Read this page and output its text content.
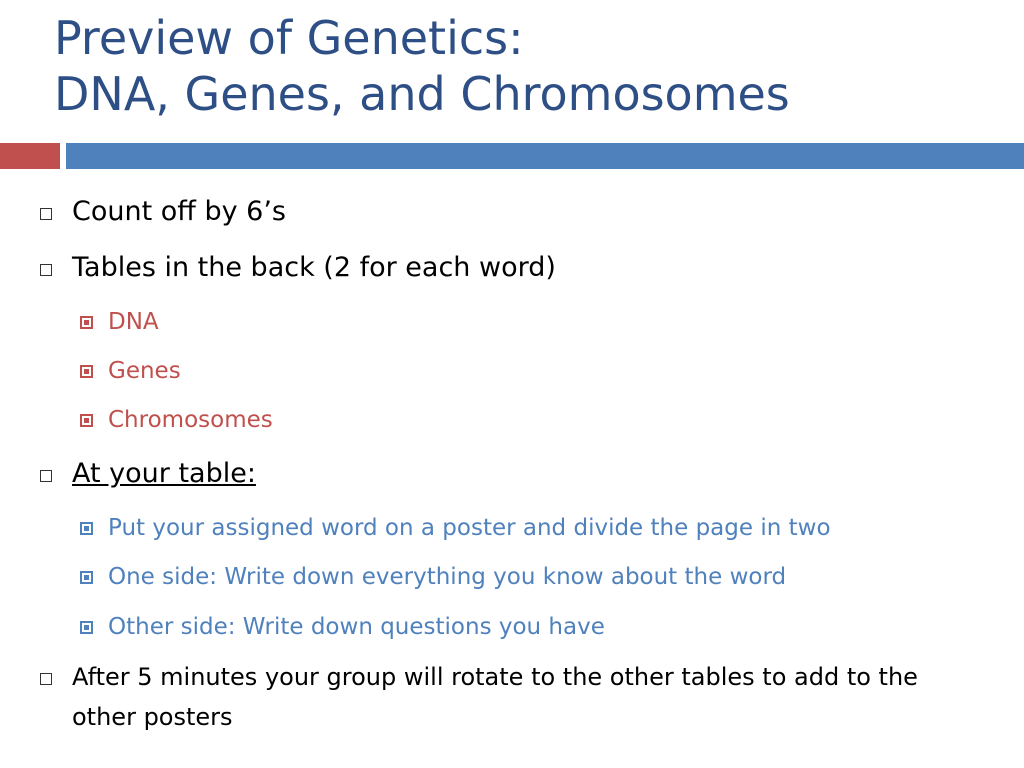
Preview of Genetics:
DNA, Genes, and Chromosomes
Count off by 6’s
Tables in the back (2 for each word)
DNA
Genes
Chromosomes
At your table:
Put your assigned word on a poster and divide the page in two
One side: Write down everything you know about the word
Other side: Write down questions you have
After 5 minutes your group will rotate to the other tables to add to the other posters
